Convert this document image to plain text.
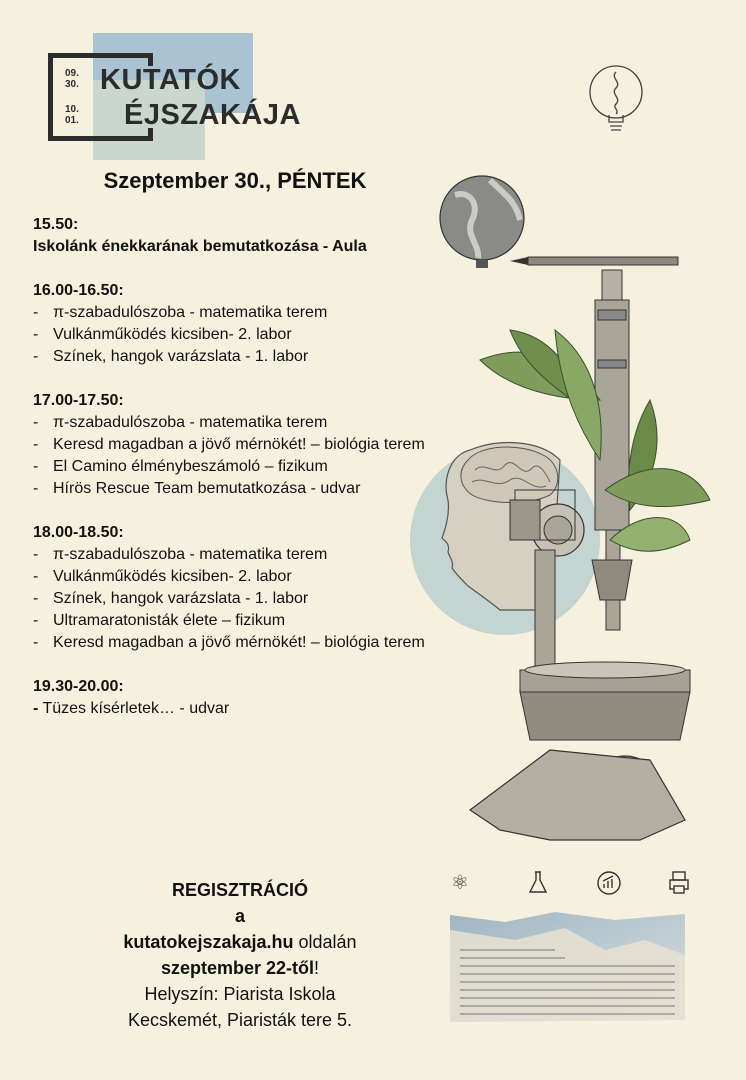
09.
30.
10.
01.
KUTATÓK
ÉJSZAKÁJA
Szeptember 30., PÉNTEK
15.50:
Iskolánk énekkarának bemutatkozása - Aula
16.00-16.50:
- π-szabadulószoba - matematika terem
- Vulkánműködés kicsiben- 2. labor
- Színek, hangok varázslata - 1. labor
17.00-17.50:
- π-szabadulószoba - matematika terem
- Keresd magadban a jövő mérnökét! – biológia terem
- El Camino élménybeszámoló – fizikum
- Hírös Rescue Team bemutatkozása - udvar
18.00-18.50:
- π-szabadulószoba - matematika terem
- Vulkánműködés kicsiben- 2. labor
- Színek, hangok varázslata - 1. labor
- Ultramaratonisták élete – fizikum
- Keresd magadban a jövő mérnökét! – biológia terem
19.30-20.00:
- Tüzes kísérletek… - udvar
⚛
REGISZTRÁCIÓ
a
kutatokejszakaja.hu oldalán
szeptember 22-től!
Helyszín: Piarista Iskola
Kecskemét, Piaristák tere 5.
